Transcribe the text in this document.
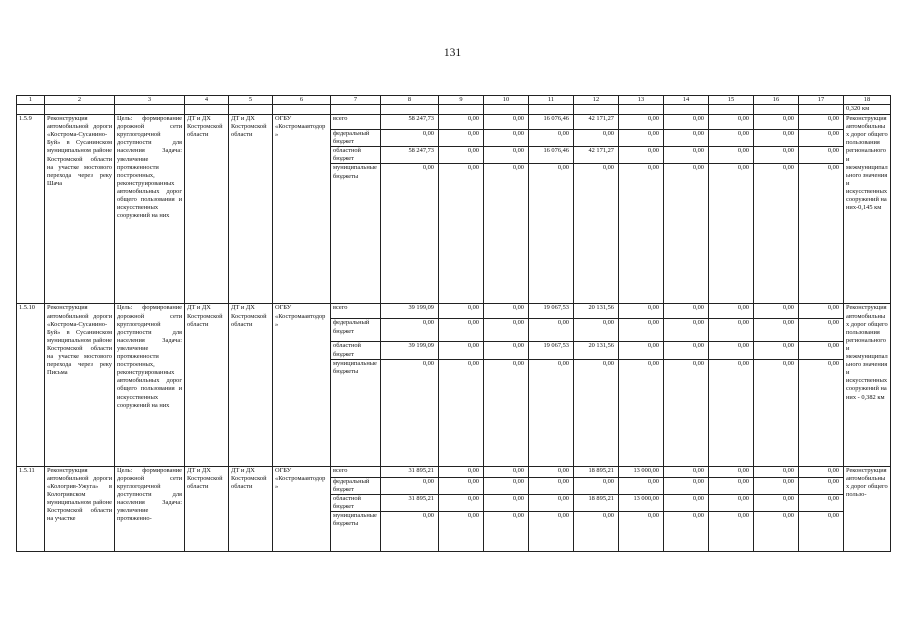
131
1	2	3	4	5	6	7	8	9	10	11	12	13	14	15	16	17	18
																	0,320 км
1.5.9	Реконструкция автомобильной дороги «Кострома-Сусанино-Буй» в Сусанинском муниципальном районе Костромской области на участке мостового перехода через реку Шача	Цель: формирование дорожной сети круглогодичной доступности для населения Задача: увеличение протяженности построенных, реконструированных автомобильных дорог общего пользования и искусственных сооружений на них	ДТ и ДХ Костромской области	ДТ и ДХ Костромской области	ОГБУ «Костромаавтодор»	всего	58 247,73	0,00	0,00	16 076,46	42 171,27	0,00	0,00	0,00	0,00	0,00	Реконструкция автомобильных дорог общего пользования регионального и межмуниципального значения и искусственных сооружений на них-0,145 км
						федеральный бюджет	0,00	0,00	0,00	0,00	0,00	0,00	0,00	0,00	0,00	0,00	
						областной бюджет	58 247,73	0,00	0,00	16 076,46	42 171,27	0,00	0,00	0,00	0,00	0,00	
						муниципальные бюджеты	0,00	0,00	0,00	0,00	0,00	0,00	0,00	0,00	0,00	0,00	
1.5.10	Реконструкция автомобильной дороги «Кострома-Сусанино-Буй» в Сусанинском муниципальном районе Костромской области на участке мостового перехода через реку Письма	Цель: формирование дорожной сети круглогодичной доступности для населения Задача: увеличение протяженности построенных, реконструированных автомобильных дорог общего пользования и искусственных сооружений на них	ДТ и ДХ Костромской области	ДТ и ДХ Костромской области	ОГБУ «Костромаавтодор»	всего	39 199,09	0,00	0,00	19 067,53	20 131,56	0,00	0,00	0,00	0,00	0,00	Реконструкция автомобильных дорог общего пользования регионального и межмуниципального значения и искусственных сооружений на них - 0,382 км
						федеральный бюджет	0,00	0,00	0,00	0,00	0,00	0,00	0,00	0,00	0,00	0,00	
						областной бюджет	39 199,09	0,00	0,00	19 067,53	20 131,56	0,00	0,00	0,00	0,00	0,00	
						муниципальные бюджеты	0,00	0,00	0,00	0,00	0,00	0,00	0,00	0,00	0,00	0,00	
1.5.11	Реконструкция автомобильной дороги «Кологрив-Ужуга» в Кологривском муниципальном районе Костромской области на участке	Цель: формирование дорожной сети круглогодичной доступности для населения Задача: увеличение протяженно-	ДТ и ДХ Костромской области	ДТ и ДХ Костромской области	ОГБУ «Костромаавтодор»	всего	31 895,21	0,00	0,00	0,00	18 895,21	13 000,00	0,00	0,00	0,00	0,00	Реконструкция автомобильных дорог общего пользо-
						федеральный бюджет	0,00	0,00	0,00	0,00	0,00	0,00	0,00	0,00	0,00	0,00	
						областной бюджет	31 895,21	0,00	0,00	0,00	18 895,21	13 000,00	0,00	0,00	0,00	0,00	
						муниципальные бюджеты	0,00	0,00	0,00	0,00	0,00	0,00	0,00	0,00	0,00	0,00	
